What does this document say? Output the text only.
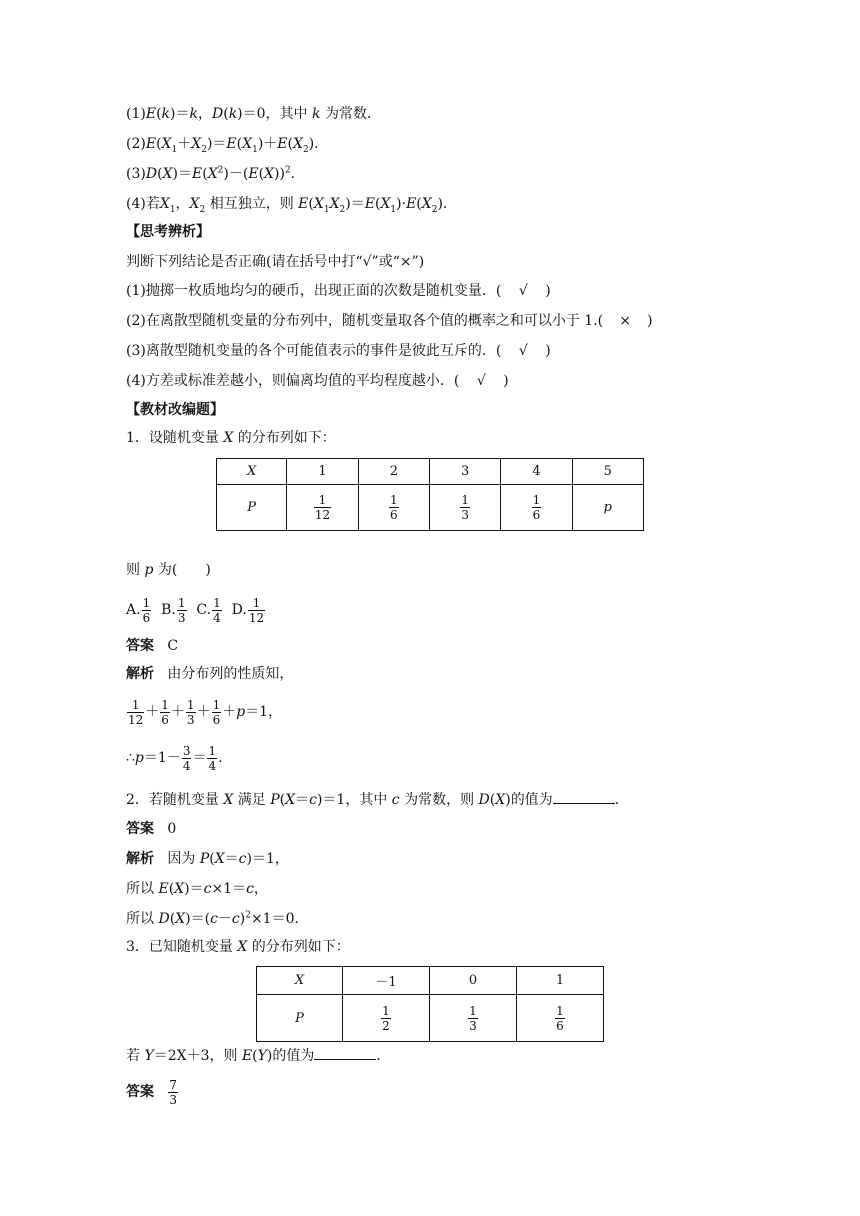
(1)E(k)＝k，D(k)＝0，其中 k 为常数．
$(2)E(X_1+X_2)=E(X_1)+E(X_2)$．
$(3)D(X)=E(X^2)-(E(X))^2$.
(4)若$X_1$，$X_2$ 相互独立，则 $E(X_1X_2)=E(X_1)\cdot E(X_2)$．
【思考辨析】
判断下列结论是否正确(请在括号中打“√”或“×”)
(1)抛掷一枚质地均匀的硬币，出现正面的次数是随机变量．( √ )
(2)在离散型随机变量的分布列中，随机变量取各个值的概率之和可以小于 1.( × )
(3)离散型随机变量的各个可能值表示的事件是彼此互斥的．( √ )
(4)方差或标准差越小，则偏离均值的平均程度越小．( √ )
【教材改编题】
1．设随机变量 X 的分布列如下：
X	1	2	3	4	5
P	$\frac{1}{12}$	$\frac{1}{6}$	$\frac{1}{3}$	$\frac{1}{6}$	p
则 p 为(　　)
A. $\frac{1}{6} B$. $\frac{1}{3} C$. $\frac{1}{4} D$. $\frac{1}{12}$
答案 C
解析 由分布列的性质知，
$\frac{1}{12} + \frac{1}{6} + \frac{1}{3} + \frac{1}{6} +p=1$，
∴p＝1－ $\frac{3}{4} = \frac{1}{4}$ .
2．若随机变量 X 满足 P(X＝c)＝1，其中 c 为常数，则 D(X)的值为	．
答案 0
解析 因为 P(X＝c)＝1，
所以 E(X)＝c×1＝c，
所以 $D(X)=(c-c)^2\times 1=0$.
3．已知随机变量 X 的分布列如下：
X	－1	0	1
P	$\frac{1}{2}$	$\frac{1}{3}$	$\frac{1}{6}$
若 Y＝2X＋3，则 E(Y)的值为	．
答案 $\frac{7}{3}$
